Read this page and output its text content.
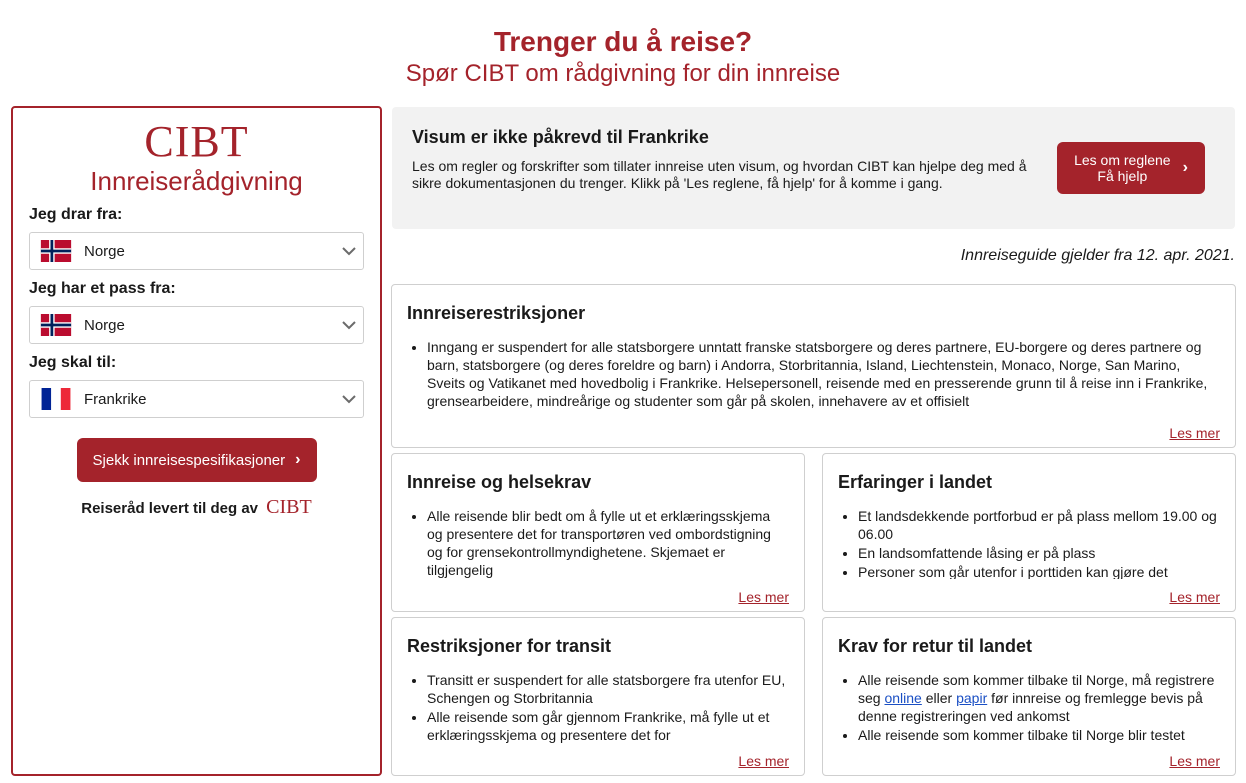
Trenger du å reise?
Spør CIBT om rådgivning for din innreise
CIBT
Innreiserådgivning
Jeg drar fra:
Norge
Jeg har et pass fra:
Norge
Jeg skal til:
Frankrike
Sjekk innreisespesifikasjoner ›
Reiseråd levert til deg av CIBT
Visum er ikke påkrevd til Frankrike
Les om regler og forskrifter som tillater innreise uten visum, og hvordan CIBT kan hjelpe deg med å sikre dokumentasjonen du trenger. Klikk på 'Les reglene, få hjelp' for å komme i gang.
Les om reglene
Få hjelp	›
Innreiseguide gjelder fra 12. apr. 2021.
Innreiserestriksjoner
• Inngang er suspendert for alle statsborgere unntatt franske statsborgere og deres partnere, EU-borgere og deres partnere og barn, statsborgere (og deres foreldre og barn) i Andorra, Storbritannia, Island, Liechtenstein, Monaco, Norge, San Marino, Sveits og Vatikanet med hovedbolig i Frankrike. Helsepersonell, reisende med en presserende grunn til å reise inn i Frankrike, grensearbeidere, mindreårige og studenter som går på skolen, innehavere av et offisielt
Les mer
Innreise og helsekrav
• Alle reisende blir bedt om å fylle ut et erklæringsskjema og presentere det for transportøren ved ombordstigning og for grensekontrollmyndighetene. Skjemaet er tilgjengelig
Les mer
Erfaringer i landet
• Et landsdekkende portforbud er på plass mellom 19.00 og 06.00
• En landsomfattende låsing er på plass
• Personer som går utenfor i porttiden kan gjøre det
Les mer
Restriksjoner for transit
• Transitt er suspendert for alle statsborgere fra utenfor EU, Schengen og Storbritannia
• Alle reisende som går gjennom Frankrike, må fylle ut et erklæringsskjema og presentere det for
Les mer
Krav for retur til landet
• Alle reisende som kommer tilbake til Norge, må registrere seg online eller papir før innreise og fremlegge bevis på denne registreringen ved ankomst
• Alle reisende som kommer tilbake til Norge blir testet
Les mer
